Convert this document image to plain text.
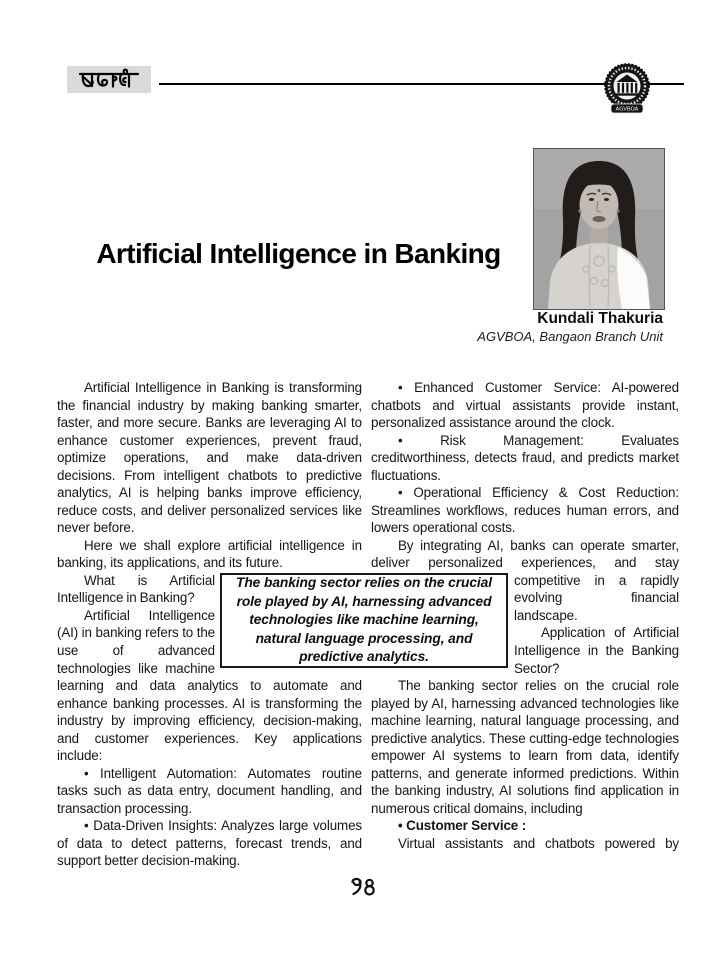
AGVBOA
Artificial Intelligence in Banking
Kundali Thakuria
AGVBOA, Bangaon Branch Unit
The banking sector relies on the crucial role played by AI, harnessing advanced technologies like machine learning, natural language processing, and predictive analytics.

Artificial Intelligence in Banking is transforming the financial industry by making banking smarter, faster, and more secure. Banks are leveraging AI to enhance customer experiences, prevent fraud, optimize operations, and make data-driven decisions. From intelligent chatbots to predictive analytics, AI is helping banks improve efficiency, reduce costs, and deliver personalized services like never before.

Here we shall explore artificial intelligence in banking, its applications, and its future.

What is Artificial Intelligence in Banking?

Artificial Intelligence (AI) in banking refers to the use of advanced technologies like machine

learning and data analytics to automate and enhance banking processes. AI is transforming the industry by improving efficiency, decision-making, and customer experiences. Key applications include:

• Intelligent Automation: Automates routine tasks such as data entry, document handling, and transaction processing.

• Data-Driven Insights: Analyzes large volumes of data to detect patterns, forecast trends, and support better decision-making.

• Enhanced Customer Service: AI-powered chatbots and virtual assistants provide instant, personalized assistance around the clock.

• Risk Management: Evaluates creditworthiness, detects fraud, and predicts market fluctuations.

• Operational Efficiency & Cost Reduction: Streamlines workflows, reduces human errors, and lowers operational costs.

By integrating AI, banks can operate smarter, deliver personalized experiences, and stay

competitive in a rapidly evolving financial landscape.

Application of Artificial Intelligence in the Banking Sector?

The banking sector relies on the crucial role played by AI, harnessing advanced technologies like machine learning, natural language processing, and predictive analytics. These cutting-edge technologies empower AI systems to learn from data, identify patterns, and generate informed predictions. Within the banking industry, AI solutions find application in numerous critical domains, including

• Customer Service :

Virtual assistants and chatbots powered by
